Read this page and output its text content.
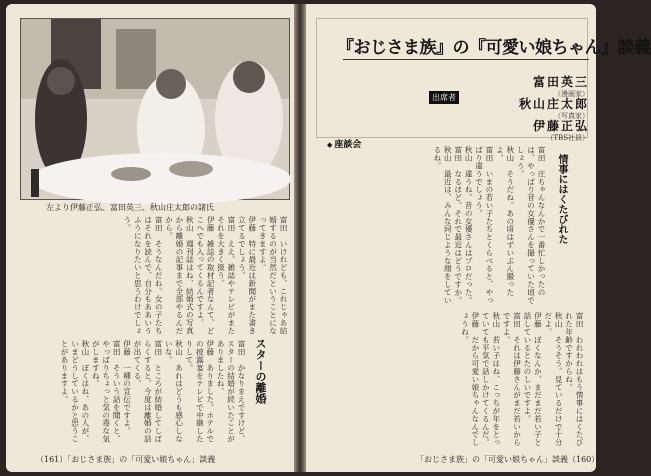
左より伊藤正弘、富田英三、秋山庄太郎の諸氏

富田　いけれども、これじゃあ結婚するのが当然だということになってきますよ。

伊藤　特に最近は新聞がまた書き立てるでしょう。

富田　ええ。雑誌やテレビがまたそれを大きく扱う。

伊藤　雑誌の取材記者なんて、どこへでも入ってくるんですよ。

秋山　週刊誌はね、結婚式の写真から離婚の記事まで全部やるんだから。

富田　そうなんだね。女の子たちはそれを読んで、自分もああいうふうになりたいと思うわけでしょう。

スターの離婚

富田　かなりまえですけど、スターの結婚が続いたことがありましたね。

伊藤　ありました。ホテルでの披露宴をテレビで中継したりして。

秋山　あれはどうも感心しないな。

富田　ところが結婚してしばらくすると、今度は離婚の話が出てくる。

伊藤　一種の宣伝ですよ。

富田　そういう話を聞くと、やっぱりちょっと気の毒な気がしますね。

秋山　ぼくはね、あの人が、いまどうしているかと思うことがありますよ。

（161）「おじさま族」の「可愛い娘ちゃん」談義
『おじさま族』の『可愛い娘ちゃん』談義
出席者
富田英三
（漫画家）
秋山庄太郎
（写真家）
伊藤正弘
（TBS社員）
◆ 座談会

富田　庄ちゃんなんかで一番忙しかったのは、やっぱり昔の女優さんを撮っていた頃でしょう。

秋山　そうだね。あの頃はずいぶん撮ったよ。

富田　いまの若い子たちとくらべると、やっぱり違うでしょう。

秋山　違うね。昔の女優さんはプロだった。

富田　なるほど。それで最近はどうですか。

秋山　最近は、みんな同じような顔をしているね。	情事にはくたびれた

富田　われわれはもう情事にはくたびれた年齢ですからね。

秋山　そうそう。見ているだけで十分だよ。

伊藤　ぼくなんか、まだまだ若い子と話しているとたのしいですよ。

富田　それは伊藤さんがまだ若いからですよ。

秋山　若い子はね、こっちが年をとっていても平気で話しかけてくるんだ。

伊藤　だから可愛い娘ちゃんなんでしょうね。

「おじさま族」の「可愛い娘ちゃん」談義（160）
